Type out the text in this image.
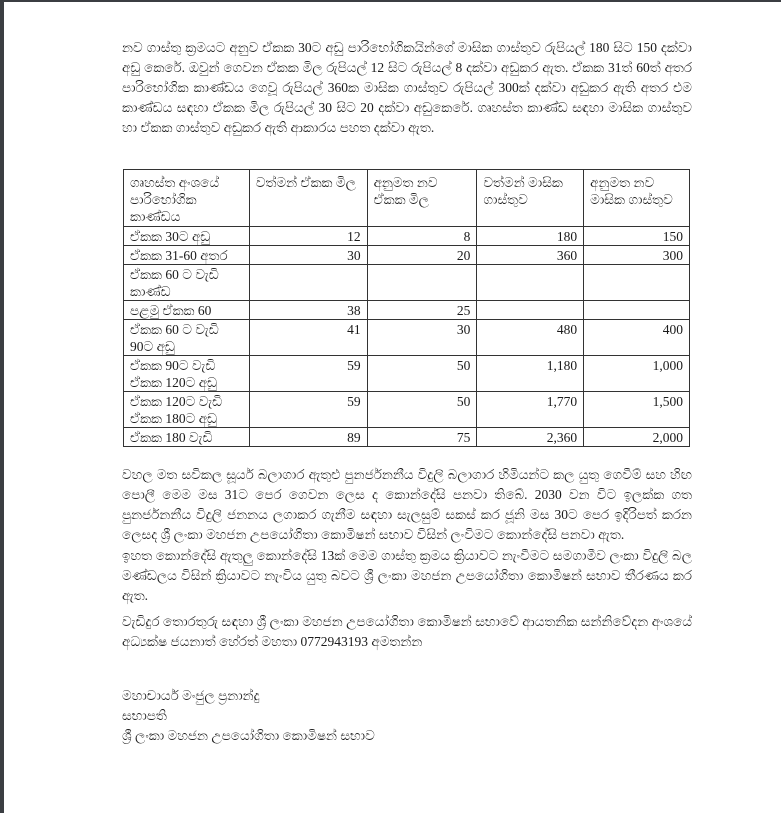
නව ගාස්තු ක්‍රමයට අනුව ඒකක 30ට අඩු පාරිභෝගිකයින්ගේ මාසික ගාස්තුව රුපියල් 180 සිට 150 දක්වා අඩු කෙරේ. ඔවුන් ගෙවන ඒකක මිල රුපියල් 12 සිට රුපියල් 8 දක්වා අඩුකර ඇත. ඒකක 31ත් 60ත් අතර පාරිභෝගික කාණ්ඩය ගෙවූ රුපියල් 360ක මාසික ගාස්තුව රුපියල් 300ක් දක්වා අඩුකර ඇති අතර එම කාණ්ඩය සඳහා ඒකක මිල රුපියල් 30 සිට 20 දක්වා අඩුකෙරේ. ගෘහස්ත කාණ්ඩ සඳහා මාසික ගාස්තුව හා ඒකක ගාස්තුව අඩුකර ඇති ආකාරය පහත දක්වා ඇත.

ගෘහස්ත අංශයේ පාරිභෝගික කාණ්ඩය	වත්මන් ඒකක මිල	අනුමත නව ඒකක මිල	වත්මන් මාසික ගාස්තුව	අනුමත නව මාසික ගාස්තුව
ඒකක 30ට අඩු	12	8	180	150
ඒකක 31-60 අතර	30	20	360	300
ඒකක 60 ට වැඩි කාණ්ඩ				
පළමු ඒකක 60	38	25		
ඒකක 60 ට වැඩි 90ට අඩු	41	30	480	400
ඒකක 90ට වැඩි ඒකක 120ට අඩු	59	50	1,180	1,000
ඒකක 120ට වැඩි ඒකක 180ට අඩු	59	50	1,770	1,500
ඒකක 180 වැඩි	89	75	2,360	2,000

වහල මත සවිකල සූර්ය බලාගාර ඇතුළු පුනර්ජනනීය විදුලි බලාගාර හිමියන්ට කල යුතු ගෙවීම් සහ හිඟ පොලී මෙම මස 31ට පෙර ගෙවන ලෙස ද කොන්දේසි පනවා තිබේ. 2030 වන විට ඉලක්ක ගත පුනර්ජනනීය විදුලි ජනනය ලගාකර ගැනීම සඳහා සැලසුම් සකස් කර ජූනි මස 30ට පෙර ඉදිරිපත් කරන ලෙසද ශ්‍රී ලංකා මහජන උපයෝගිතා කොමිෂන් සභාව විසින් ලංවිමට කොන්දේසි පනවා ඇත.

ඉහත කොන්දේසි ඇතුලු කොන්දේසි 13ක් මෙම ගාස්තු ක්‍රමය ක්‍රියාවට නැංවීමට සමගාමීව ලංකා විදුලි බල මණ්ඩලය විසින් ක්‍රියාවට නැංවිය යුතු බවට ශ්‍රී ලංකා මහජන උපයෝගිතා කොමිෂන් සභාව තීරණය කර ඇත.

වැඩිදුර තොරතුරු සඳහා ශ්‍රී ලංකා මහජන උපයෝගිතා කොමිෂන් සභාවේ ආයතනික සන්නිවේදන අංශයේ අධ්‍යක්ෂ ජයනාත් හේරත් මහතා 0772943193 අමතන්න

මහාචාර්ය මංජුල ප්‍රනාන්දු
සභාපති
ශ්‍රී ලංකා මහජන උපයෝගිතා කොමිෂන් සභාව
